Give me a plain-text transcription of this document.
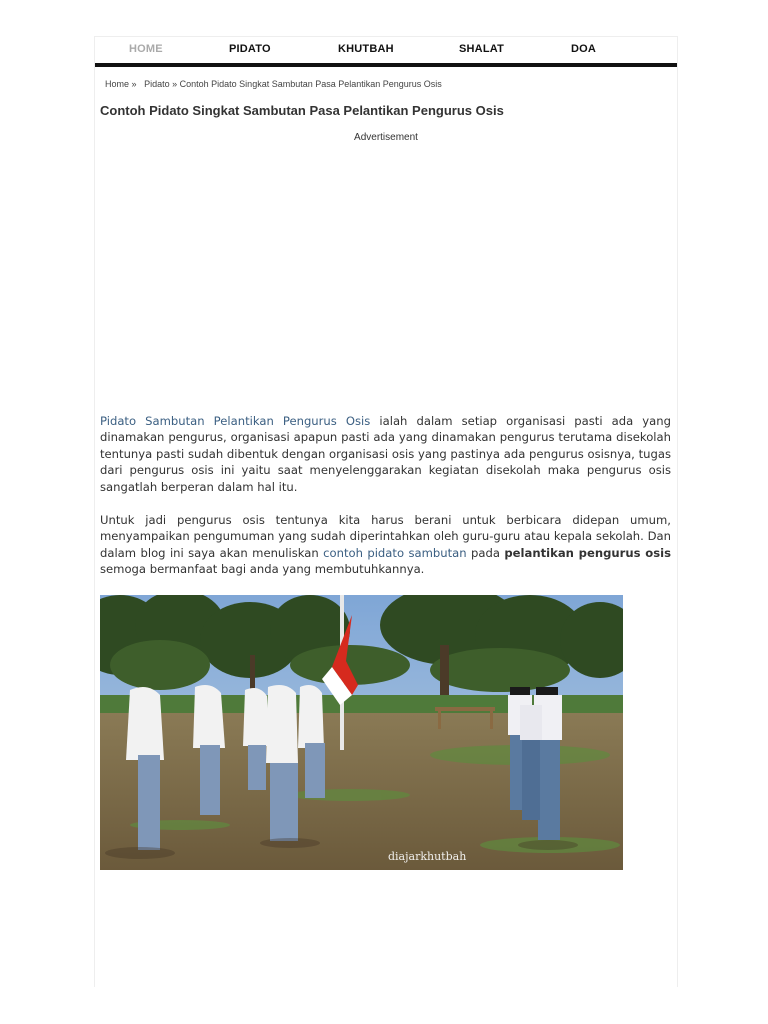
HOME	PIDATO	KHUTBAH	SHALAT	DOA
Home » Pidato » Contoh Pidato Singkat Sambutan Pasa Pelantikan Pengurus Osis
Contoh Pidato Singkat Sambutan Pasa Pelantikan Pengurus Osis
Advertisement

Pidato Sambutan Pelantikan Pengurus Osis ialah dalam setiap organisasi pasti ada yang dinamakan pengurus, organisasi apapun pasti ada yang dinamakan pengurus terutama disekolah tentunya pasti sudah dibentuk dengan organisasi osis yang pastinya ada pengurus osisnya, tugas dari pengurus osis ini yaitu saat menyelenggarakan kegiatan disekolah maka pengurus osis sangatlah berperan dalam hal itu.

Untuk jadi pengurus osis tentunya kita harus berani untuk berbicara didepan umum, menyampaikan pengumuman yang sudah diperintahkan oleh guru-guru atau kepala sekolah. Dan dalam blog ini saya akan menuliskan contoh pidato sambutan pada pelantikan pengurus osis semoga bermanfaat bagi anda yang membutuhkannya.

diajarkhutbah
